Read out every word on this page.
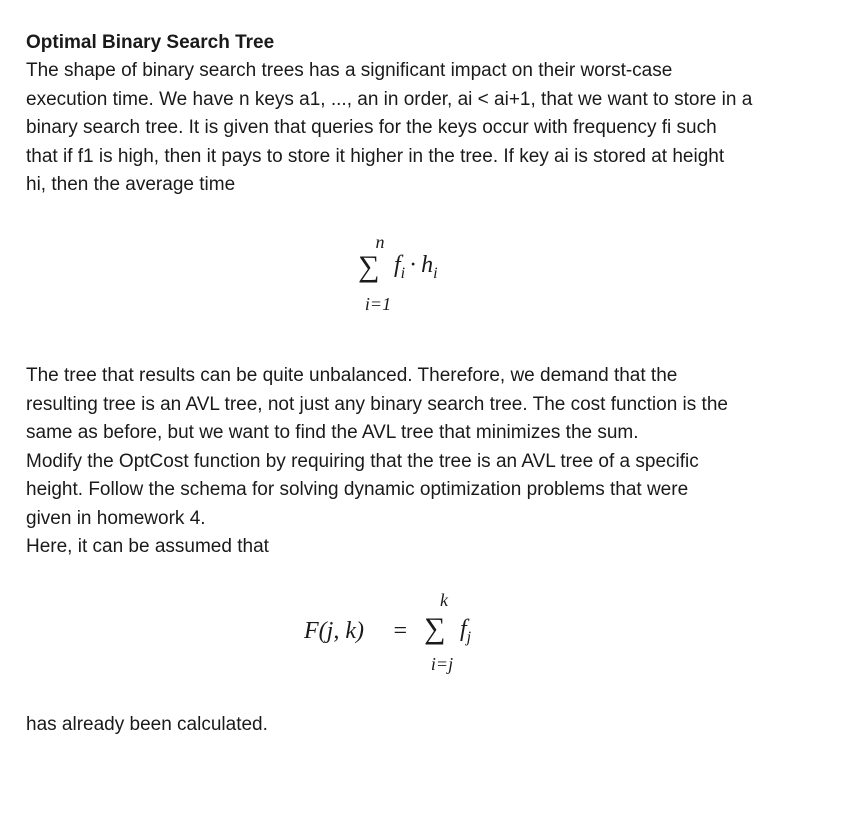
Optimal Binary Search Tree

The shape of binary search trees has a significant impact on their worst-case

execution time. We have n keys a1, ..., an in order, ai < ai+1, that we want to store in a

binary search tree. It is given that queries for the keys occur with frequency fi such

that if f1 is high, then it pays to store it higher in the tree. If key ai is stored at height

hi, then the average time

n
∑
i=1
$f_i \cdot h_i$

The tree that results can be quite unbalanced. Therefore, we demand that the

resulting tree is an AVL tree, not just any binary search tree. The cost function is the

same as before, but we want to find the AVL tree that minimizes the sum.

Modify the OptCost function by requiring that the tree is an AVL tree of a specific

height. Follow the schema for solving dynamic optimization problems that were

given in homework 4.

Here, it can be assumed that

F(j, k) =
k
∑
i=j
$f_j$

has already been calculated.
